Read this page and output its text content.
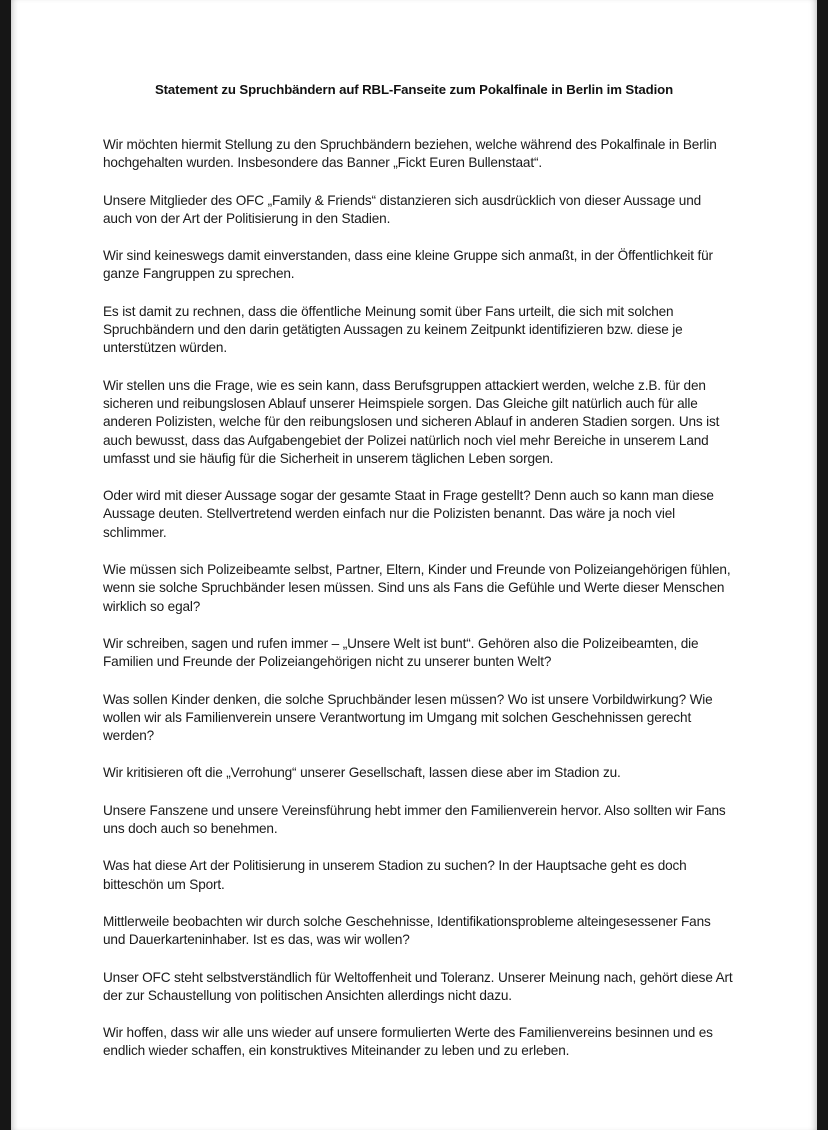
Statement zu Spruchbändern auf RBL-Fanseite zum Pokalfinale in Berlin im Stadion

Wir möchten hiermit Stellung zu den Spruchbändern beziehen, welche während des Pokalfinale in Berlin hochgehalten wurden. Insbesondere das Banner „Fickt Euren Bullenstaat“.

Unsere Mitglieder des OFC „Family & Friends“ distanzieren sich ausdrücklich von dieser Aussage und auch von der Art der Politisierung in den Stadien.

Wir sind keineswegs damit einverstanden, dass eine kleine Gruppe sich anmaßt, in der Öffentlichkeit für ganze Fangruppen zu sprechen.

Es ist damit zu rechnen, dass die öffentliche Meinung somit über Fans urteilt, die sich mit solchen Spruchbändern und den darin getätigten Aussagen zu keinem Zeitpunkt identifizieren bzw. diese je unterstützen würden.

Wir stellen uns die Frage, wie es sein kann, dass Berufsgruppen attackiert werden, welche z.B. für den sicheren und reibungslosen Ablauf unserer Heimspiele sorgen. Das Gleiche gilt natürlich auch für alle anderen Polizisten, welche für den reibungslosen und sicheren Ablauf in anderen Stadien sorgen. Uns ist auch bewusst, dass das Aufgabengebiet der Polizei natürlich noch viel mehr Bereiche in unserem Land umfasst und sie häufig für die Sicherheit in unserem täglichen Leben sorgen.

Oder wird mit dieser Aussage sogar der gesamte Staat in Frage gestellt? Denn auch so kann man diese Aussage deuten. Stellvertretend werden einfach nur die Polizisten benannt. Das wäre ja noch viel schlimmer.

Wie müssen sich Polizeibeamte selbst, Partner, Eltern, Kinder und Freunde von Polizeiangehörigen fühlen, wenn sie solche Spruchbänder lesen müssen. Sind uns als Fans die Gefühle und Werte dieser Menschen wirklich so egal?

Wir schreiben, sagen und rufen immer – „Unsere Welt ist bunt“. Gehören also die Polizeibeamten, die Familien und Freunde der Polizeiangehörigen nicht zu unserer bunten Welt?

Was sollen Kinder denken, die solche Spruchbänder lesen müssen? Wo ist unsere Vorbildwirkung? Wie wollen wir als Familienverein unsere Verantwortung im Umgang mit solchen Geschehnissen gerecht werden?

Wir kritisieren oft die „Verrohung“ unserer Gesellschaft, lassen diese aber im Stadion zu.

Unsere Fanszene und unsere Vereinsführung hebt immer den Familienverein hervor. Also sollten wir Fans uns doch auch so benehmen.

Was hat diese Art der Politisierung in unserem Stadion zu suchen? In der Hauptsache geht es doch bitteschön um Sport.

Mittlerweile beobachten wir durch solche Geschehnisse, Identifikationsprobleme alteingesessener Fans und Dauerkarteninhaber. Ist es das, was wir wollen?

Unser OFC steht selbstverständlich für Weltoffenheit und Toleranz. Unserer Meinung nach, gehört diese Art der zur Schaustellung von politischen Ansichten allerdings nicht dazu.

Wir hoffen, dass wir alle uns wieder auf unsere formulierten Werte des Familienvereins besinnen und es endlich wieder schaffen, ein konstruktives Miteinander zu leben und zu erleben.
